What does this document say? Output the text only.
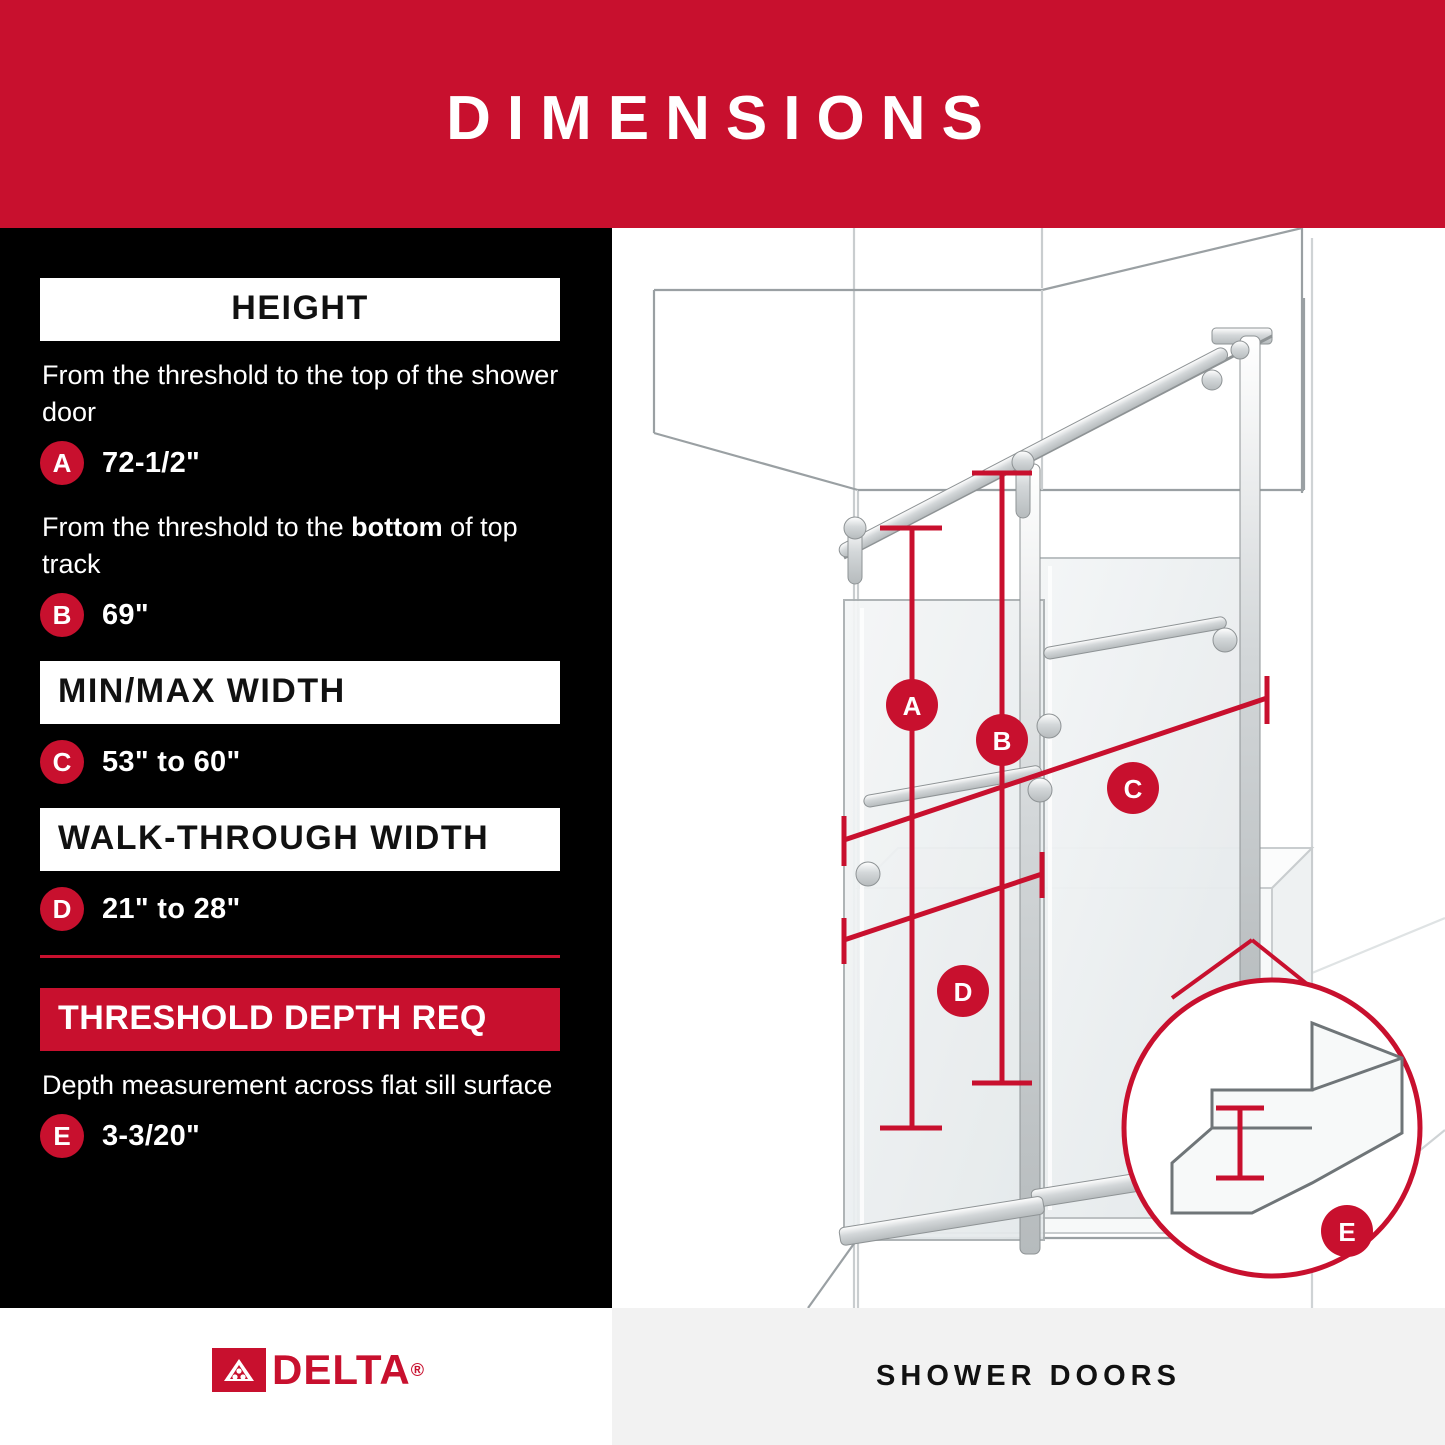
DIMENSIONS
HEIGHT
From the threshold to the top of the shower door
A	72-1/2"
From the threshold to the bottom of top track
B	69"
MIN/MAX WIDTH
C	53" to 60"
WALK-THROUGH WIDTH
D	21" to 28"
THRESHOLD DEPTH REQ
Depth measurement across flat sill surface
E	3-3/20"
A
B
C
D
E
SHOWER DOORS
DELTA®
